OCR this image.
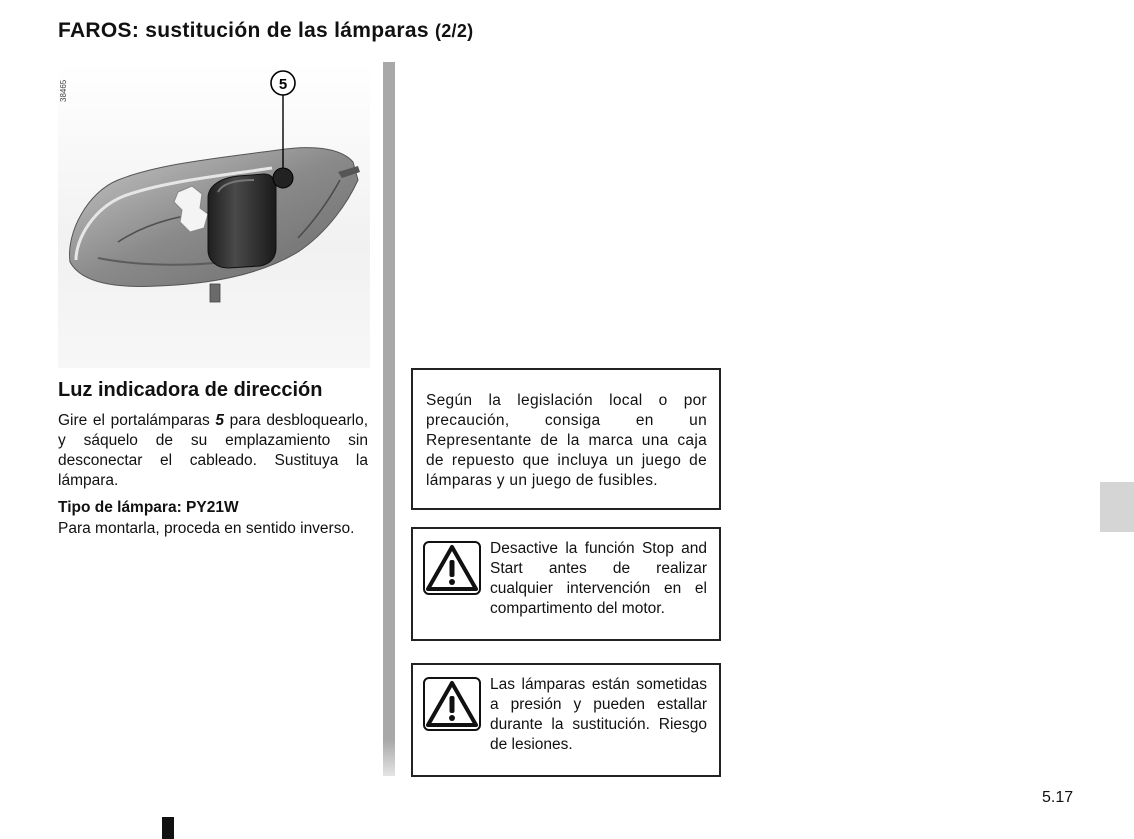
FAROS: sustitución de las lámparas (2/2)
5
38465
Luz indicadora de dirección

Gire el portalámparas 5 para desbloquearlo, y sáquelo de su emplazamiento sin desconectar el cableado. Sustituya la lámpara.

Tipo de lámpara: PY21W

Para montarla, proceda en sentido inverso.

Según la legislación local o por precaución, consiga en un Representante de la marca una caja de repuesto que incluya un juego de lámparas y un juego de fusibles.

Desactive la función Stop and Start antes de realizar cualquier intervención en el compartimento del motor.

Las lámparas están sometidas a presión y pueden estallar durante la sustitución. Riesgo de lesiones.

5.17
